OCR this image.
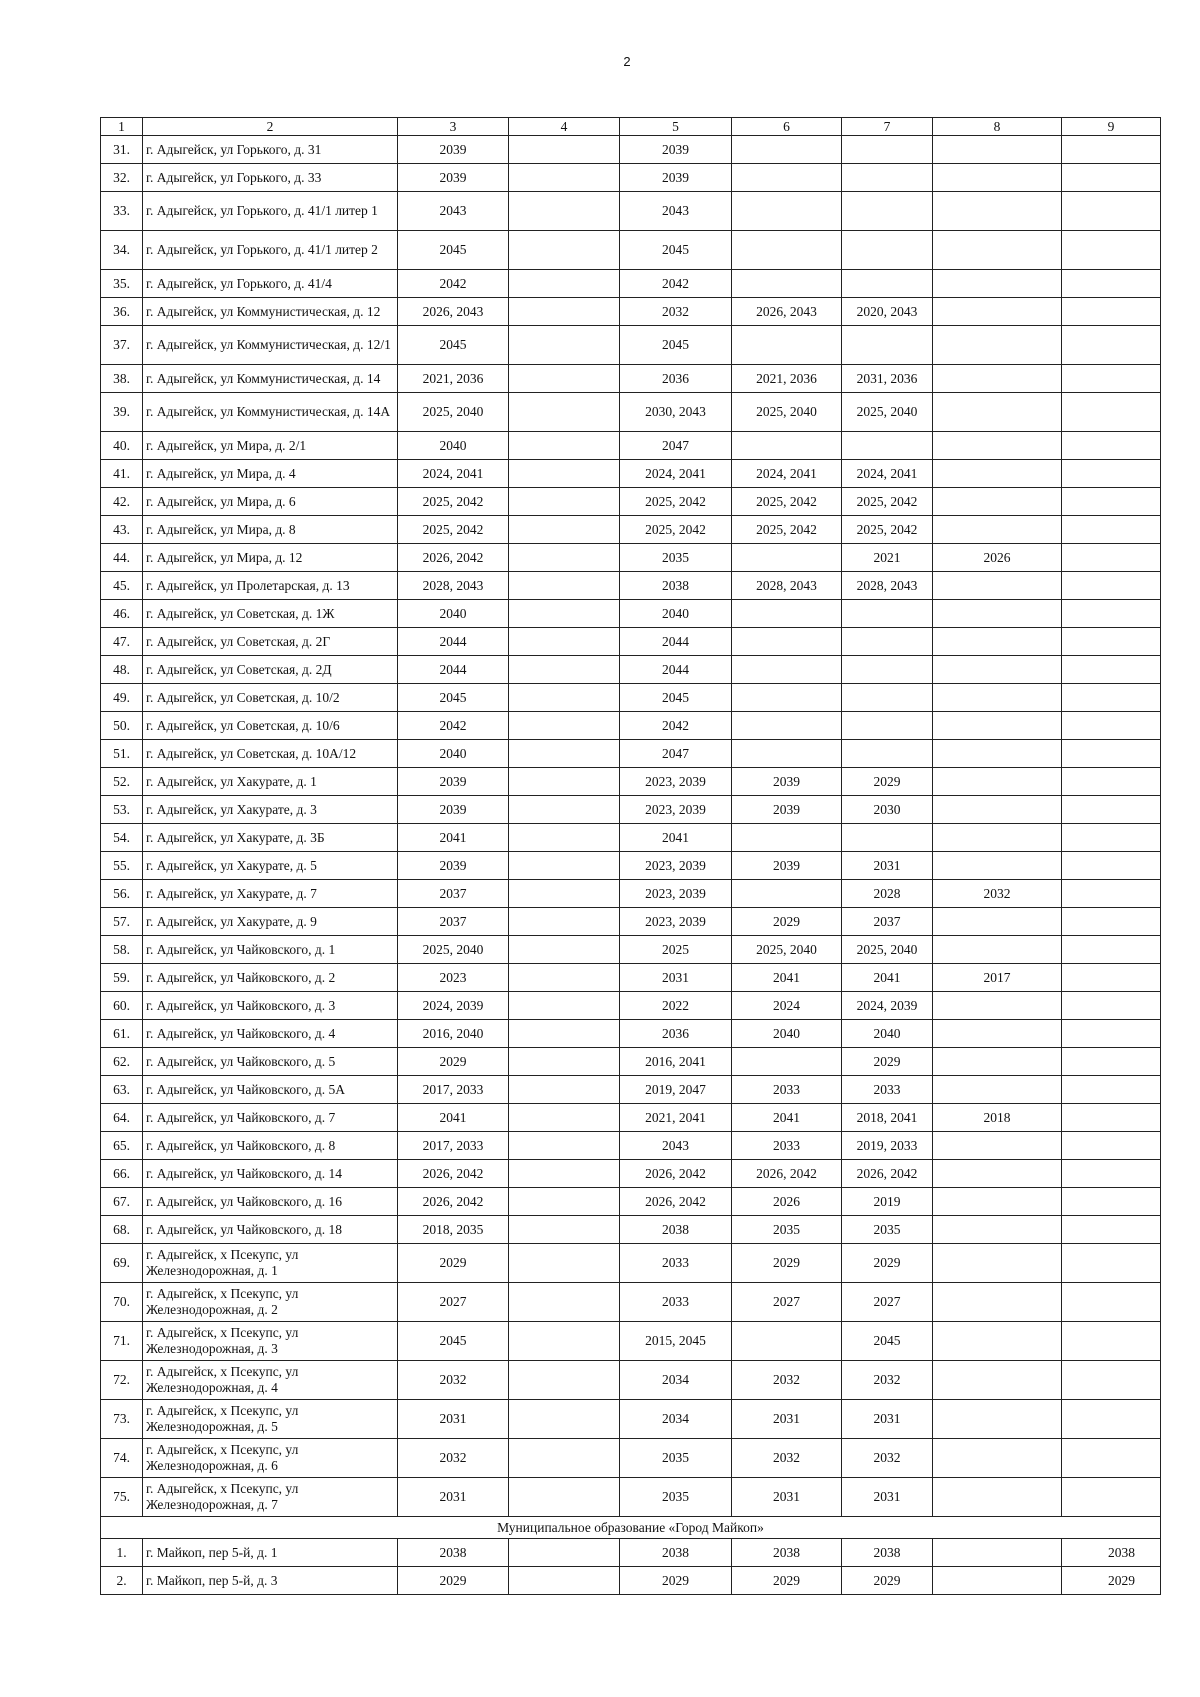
2
1	2	3	4	5	6	7	8	9
31.	г. Адыгейск, ул Горького, д. 31	2039		2039				
32.	г. Адыгейск, ул Горького, д. 33	2039		2039				
33.	г. Адыгейск, ул Горького, д. 41/1 литер 1	2043		2043				
34.	г. Адыгейск, ул Горького, д. 41/1 литер 2	2045		2045				
35.	г. Адыгейск, ул Горького, д. 41/4	2042		2042				
36.	г. Адыгейск, ул Коммунистическая, д. 12	2026, 2043		2032	2026, 2043	2020, 2043		
37.	г. Адыгейск, ул Коммунистическая, д. 12/1	2045		2045				
38.	г. Адыгейск, ул Коммунистическая, д. 14	2021, 2036		2036	2021, 2036	2031, 2036		
39.	г. Адыгейск, ул Коммунистическая, д. 14А	2025, 2040		2030, 2043	2025, 2040	2025, 2040		
40.	г. Адыгейск, ул Мира, д. 2/1	2040		2047				
41.	г. Адыгейск, ул Мира, д. 4	2024, 2041		2024, 2041	2024, 2041	2024, 2041		
42.	г. Адыгейск, ул Мира, д. 6	2025, 2042		2025, 2042	2025, 2042	2025, 2042		
43.	г. Адыгейск, ул Мира, д. 8	2025, 2042		2025, 2042	2025, 2042	2025, 2042		
44.	г. Адыгейск, ул Мира, д. 12	2026, 2042		2035		2021	2026	
45.	г. Адыгейск, ул Пролетарская, д. 13	2028, 2043		2038	2028, 2043	2028, 2043		
46.	г. Адыгейск, ул Советская, д. 1Ж	2040		2040				
47.	г. Адыгейск, ул Советская, д. 2Г	2044		2044				
48.	г. Адыгейск, ул Советская, д. 2Д	2044		2044				
49.	г. Адыгейск, ул Советская, д. 10/2	2045		2045				
50.	г. Адыгейск, ул Советская, д. 10/6	2042		2042				
51.	г. Адыгейск, ул Советская, д. 10А/12	2040		2047				
52.	г. Адыгейск, ул Хакурате, д. 1	2039		2023, 2039	2039	2029		
53.	г. Адыгейск, ул Хакурате, д. 3	2039		2023, 2039	2039	2030		
54.	г. Адыгейск, ул Хакурате, д. 3Б	2041		2041				
55.	г. Адыгейск, ул Хакурате, д. 5	2039		2023, 2039	2039	2031		
56.	г. Адыгейск, ул Хакурате, д. 7	2037		2023, 2039		2028	2032	
57.	г. Адыгейск, ул Хакурате, д. 9	2037		2023, 2039	2029	2037		
58.	г. Адыгейск, ул Чайковского, д. 1	2025, 2040		2025	2025, 2040	2025, 2040		
59.	г. Адыгейск, ул Чайковского, д. 2	2023		2031	2041	2041	2017	
60.	г. Адыгейск, ул Чайковского, д. 3	2024, 2039		2022	2024	2024, 2039		
61.	г. Адыгейск, ул Чайковского, д. 4	2016, 2040		2036	2040	2040		
62.	г. Адыгейск, ул Чайковского, д. 5	2029		2016, 2041		2029		
63.	г. Адыгейск, ул Чайковского, д. 5А	2017, 2033		2019, 2047	2033	2033		
64.	г. Адыгейск, ул Чайковского, д. 7	2041		2021, 2041	2041	2018, 2041	2018	
65.	г. Адыгейск, ул Чайковского, д. 8	2017, 2033		2043	2033	2019, 2033		
66.	г. Адыгейск, ул Чайковского, д. 14	2026, 2042		2026, 2042	2026, 2042	2026, 2042		
67.	г. Адыгейск, ул Чайковского, д. 16	2026, 2042		2026, 2042	2026	2019		
68.	г. Адыгейск, ул Чайковского, д. 18	2018, 2035		2038	2035	2035		
69.	г. Адыгейск, х Псекупс, ул Железнодорожная, д. 1	2029		2033	2029	2029		
70.	г. Адыгейск, х Псекупс, ул Железнодорожная, д. 2	2027		2033	2027	2027		
71.	г. Адыгейск, х Псекупс, ул Железнодорожная, д. 3	2045		2015, 2045		2045		
72.	г. Адыгейск, х Псекупс, ул Железнодорожная, д. 4	2032		2034	2032	2032		
73.	г. Адыгейск, х Псекупс, ул Железнодорожная, д. 5	2031		2034	2031	2031		
74.	г. Адыгейск, х Псекупс, ул Железнодорожная, д. 6	2032		2035	2032	2032		
75.	г. Адыгейск, х Псекупс, ул Железнодорожная, д. 7	2031		2035	2031	2031		
Муниципальное образование «Город Майкоп»								
1.	г. Майкоп, пер 5-й, д. 1	2038		2038	2038	2038		2038
2.	г. Майкоп, пер 5-й, д. 3	2029		2029	2029	2029		2029
